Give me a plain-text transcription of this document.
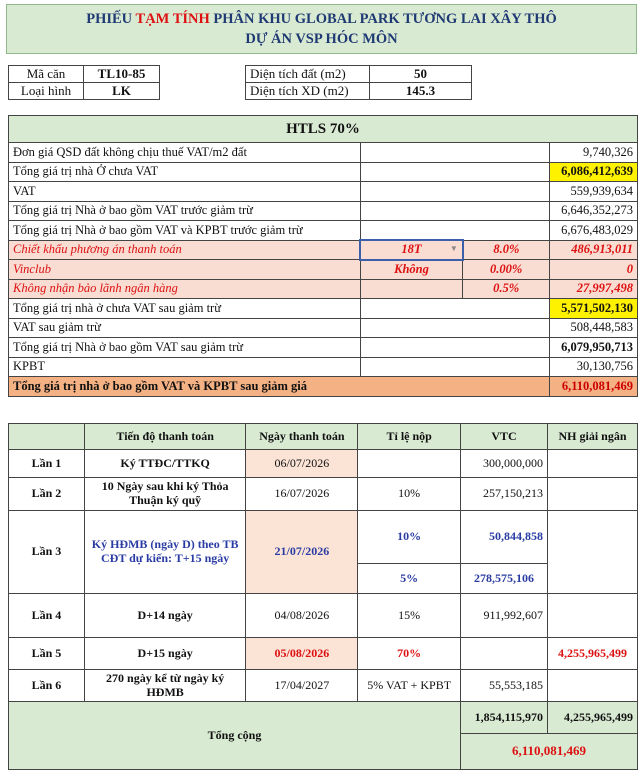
PHIẾU TẠM TÍNH PHÂN KHU GLOBAL PARK TƯƠNG LAI XÂY THÔ
DỰ ÁN VSP HÓC MÔN
Mã căn	TL10-85		Diện tích đất (m2)	50
Loại hình	LK		Diện tích XD (m2)	145.3
HTLS 70%			
Đơn giá QSD đất không chịu thuế VAT/m2 đất			9,740,326
Tổng giá trị nhà Ở chưa VAT			6,086,412,639
VAT			559,939,634
Tổng giá trị Nhà ở bao gồm VAT trước giảm trừ			6,646,352,273
Tổng giá trị Nhà ở bao gồm VAT và KPBT trước giảm trừ			6,676,483,029
Chiết khấu phương án thanh toán	18T ▼	8.0%	486,913,011
Vinclub	Không	0.00%	0
Không nhận bảo lãnh ngân hàng		0.5%	27,997,498
Tổng giá trị nhà ở chưa VAT sau giảm trừ			5,571,502,130
VAT sau giảm trừ			508,448,583
Tổng giá trị Nhà ở bao gồm VAT sau giảm trừ			6,079,950,713
KPBT			30,130,756
Tổng giá trị nhà ở bao gồm VAT và KPBT sau giảm giá			6,110,081,469
	Tiến độ thanh toán	Ngày thanh toán	Tỉ lệ nộp	VTC	NH giải ngân
Lần 1	Ký TTĐC/TTKQ	06/07/2026		300,000,000	
Lần 2	10 Ngày sau khi ký Thỏa Thuận ký quỹ	16/07/2026	10%	257,150,213	
Lần 3	Ký HĐMB (ngày D) theo TB CĐT dự kiến: T+15 ngày	21/07/2026	10%	50,844,858	
			5%	278,575,106	
Lần 4	D+14 ngày	04/08/2026	15%	911,992,607	
Lần 5	D+15 ngày	05/08/2026	70%		4,255,965,499
Lần 6	270 ngày kể từ ngày ký HĐMB	17/04/2027	5% VAT + KPBT	55,553,185	
Tổng cộng				1,854,115,970	4,255,965,499
				6,110,081,469	
